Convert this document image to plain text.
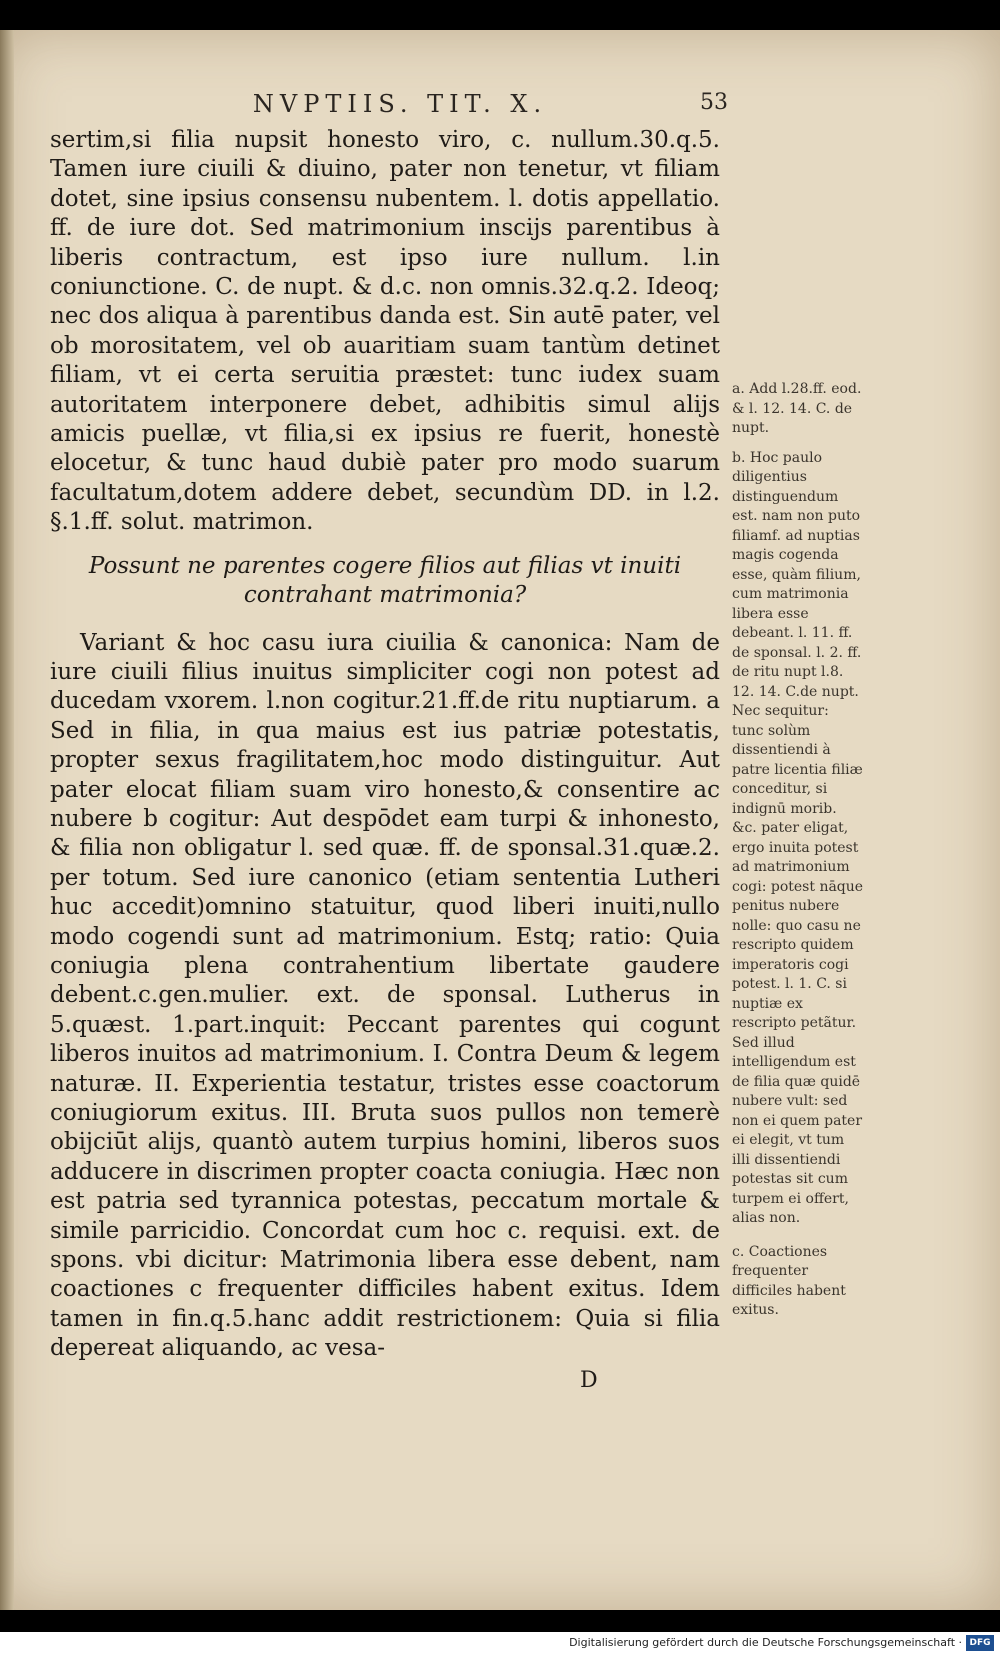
NVPTIIS. TIT. X.	53

sertim,si filia nupsit honesto viro, c. nullum.30.q.5. Tamen iure ciuili & diuino, pater non tenetur, vt filiam dotet, sine ipsius consensu nubentem. l. dotis appellatio. ff. de iure dot. Sed matrimonium inscijs parentibus à liberis contractum, est ipso iure nullum. l.in coniunctione. C. de nupt. & d.c. non omnis.32.q.2. Ideoq; nec dos aliqua à parentibus danda est. Sin autē pater, vel ob morositatem, vel ob auaritiam suam tantùm detinet filiam, vt ei certa seruitia præstet: tunc iudex suam autoritatem interponere debet, adhibitis simul alijs amicis puellæ, vt filia,si ex ipsius re fuerit, honestè elocetur, & tunc haud dubiè pater pro modo suarum facultatum,dotem addere debet, secundùm DD. in l.2. §.1.ff. solut. matrimon.

Possunt ne parentes cogere filios aut filias vt inuiti contrahant matrimonia?

Variant & hoc casu iura ciuilia & canonica: Nam de iure ciuili filius inuitus simpliciter cogi non potest ad ducedam vxorem. l.non cogitur.21.ff.de ritu nuptiarum. a Sed in filia, in qua maius est ius patriæ potestatis, propter sexus fragilitatem,hoc modo distinguitur. Aut pater elocat filiam suam viro honesto,& consentire ac nubere b cogitur: Aut despōdet eam turpi & inhonesto, & filia non obligatur l. sed quæ. ff. de sponsal.31.quæ.2. per totum. Sed iure canonico (etiam sententia Lutheri huc accedit)omnino statuitur, quod liberi inuiti,nullo modo cogendi sunt ad matrimonium. Estq; ratio: Quia coniugia plena contrahentium libertate gaudere debent.c.gen.mulier. ext. de sponsal. Lutherus in 5.quæst. 1.part.inquit: Peccant parentes qui cogunt liberos inuitos ad matrimonium. I. Contra Deum & legem naturæ. II. Experientia testatur, tristes esse coactorum coniugiorum exitus. III. Bruta suos pullos non temerè obijciūt alijs, quantò autem turpius homini, liberos suos adducere in discrimen propter coacta coniugia. Hæc non est patria sed tyrannica potestas, peccatum mortale & simile parricidio. Concordat cum hoc c. requisi. ext. de spons. vbi dicitur: Matrimonia libera esse debent, nam coactiones c frequenter difficiles habent exitus. Idem tamen in fin.q.5.hanc addit restrictionem: Quia si filia depereat aliquando, ac vesa-

D
a. Add l.28.ff. eod. & l. 12. 14. C. de nupt.
b. Hoc paulo diligentius distinguendum est. nam non puto filiamf. ad nuptias magis cogenda esse, quàm filium, cum matrimonia libera esse debeant. l. 11. ff. de sponsal. l. 2. ff. de ritu nupt l.8. 12. 14. C.de nupt. Nec sequitur: tunc solùm dissentiendi à patre licentia filiæ conceditur, si indignū morib. &c. pater eligat, ergo inuita potest ad matrimonium cogi: potest nāque penitus nubere nolle: quo casu ne rescripto quidem imperatoris cogi potest. l. 1. C. si nuptiæ ex rescripto petãtur. Sed illud intelligendum est de filia quæ quidē nubere vult: sed non ei quem pater ei elegit, vt tum illi dissentiendi potestas sit cum turpem ei offert, alias non.
c. Coactiones frequenter difficiles habent exitus.
Digitalisierung gefördert durch die Deutsche Forschungsgemeinschaft · DFG
